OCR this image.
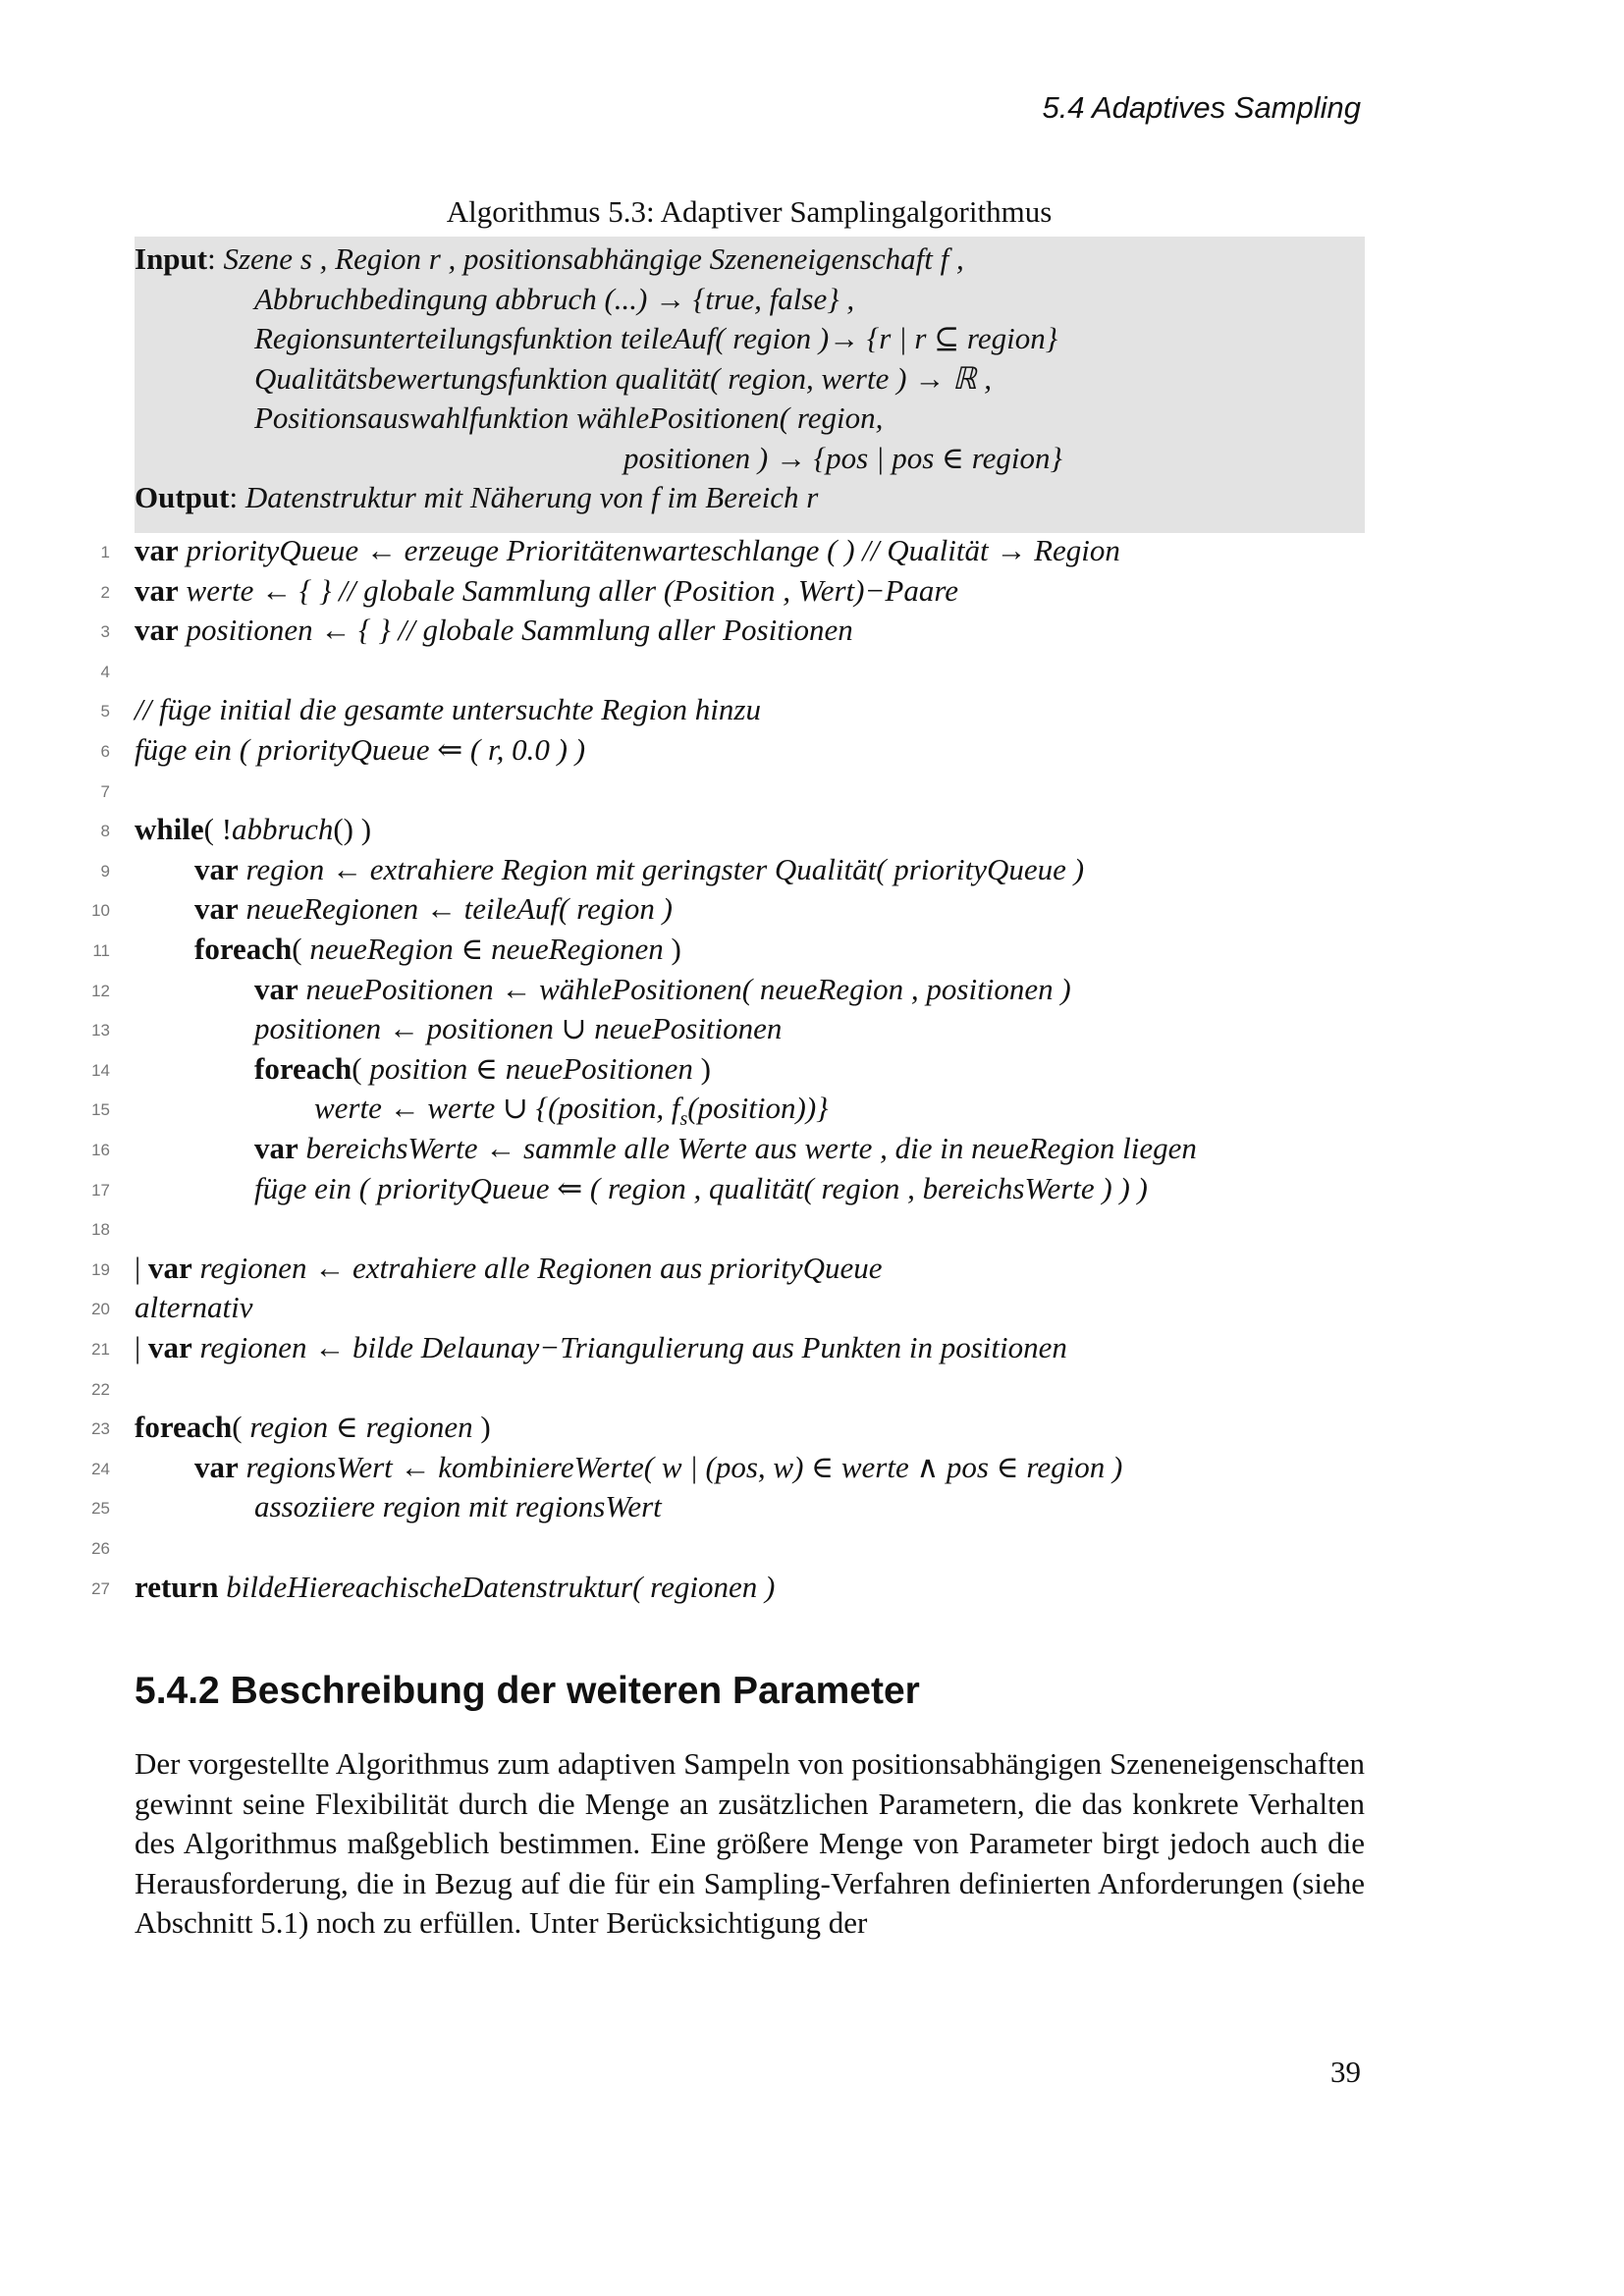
5.4 Adaptives Sampling
Algorithmus 5.3: Adaptiver Samplingalgorithmus
Input: Szene s , Region r , positionsabhängige Szeneneigenschaft f ,
Abbruchbedingung abbruch (...) → {true, false} ,
Regionsunterteilungsfunktion teileAuf( region )→ {r | r ⊆ region}
Qualitätsbewertungsfunktion qualität( region, werte ) → ℝ ,
Positionsauswahlfunktion wählePositionen( region,
positionen ) → {pos | pos ∈ region}
Output: Datenstruktur mit Näherung von f im Bereich r
1 var priorityQueue ← erzeuge Prioritätenwarteschlange ( ) // Qualität → Region
2 var werte ← { } // globale Sammlung aller (Position , Wert)−Paare
3 var positionen ← { } // globale Sammlung aller Positionen
4
5 // füge initial die gesamte untersuchte Region hinzu
6 füge ein ( priorityQueue ⇐ ( r, 0.0 ) )
7
8 while( !abbruch() )
9	var region ← extrahiere Region mit geringster Qualität( priorityQueue )
10	var neueRegionen ← teileAuf( region )
11	foreach( neueRegion ∈ neueRegionen )
12	var neuePositionen ← wählePositionen( neueRegion , positionen )
13	positionen ← positionen ∪ neuePositionen
14	foreach( position ∈ neuePositionen )
15	werte ← werte ∪ {(position, $f_s(position)$)}
16	var bereichsWerte ← sammle alle Werte aus werte , die in neueRegion liegen
17	füge ein ( priorityQueue ⇐ ( region , qualität( region , bereichsWerte ) ) )
18
19 | var regionen ← extrahiere alle Regionen aus priorityQueue
20 alternativ
21 | var regionen ← bilde Delaunay−Triangulierung aus Punkten in positionen
22
23 foreach( region ∈ regionen )
24	var regionsWert ← kombiniereWerte( w | (pos, w) ∈ werte ∧ pos ∈ region )
25	assoziiere region mit regionsWert
26
27 return bildeHiereachischeDatenstruktur( regionen )
5.4.2 Beschreibung der weiteren Parameter
Der vorgestellte Algorithmus zum adaptiven Sampeln von positionsabhängigen Szeneneigenschaften gewinnt seine Flexibilität durch die Menge an zusätzlichen Parametern, die das konkrete Verhalten des Algorithmus maßgeblich bestimmen. Eine größere Menge von Parameter birgt jedoch auch die Herausforderung, die in Bezug auf die für ein Sampling-Verfahren definierten Anforderungen (siehe Abschnitt 5.1) noch zu erfüllen. Unter Berücksichtigung der
39
